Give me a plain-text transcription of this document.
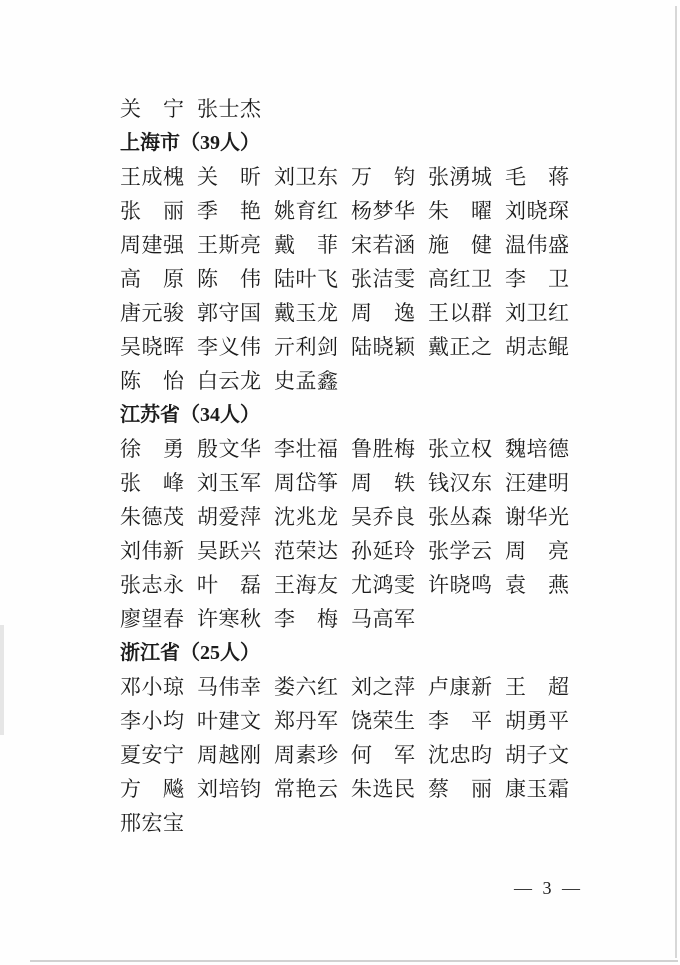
关宁 张士杰
上海市（39人）
王成槐 关昕 刘卫东 万钧 张湧城 毛蒋张丽 季艳 姚育红 杨梦华 朱曜 刘晓琛周建强 王斯亮 戴菲 宋若涵 施健 温伟盛高原 陈伟 陆叶飞 张洁雯 高红卫 李卫唐元骏 郭守国 戴玉龙 周逸 王以群 刘卫红吴晓晖 李义伟 亓利剑 陆晓颖 戴正之 胡志鲲陈怡 白云龙 史孟鑫
江苏省（34人）
徐勇 殷文华 李壮福 鲁胜梅 张立权 魏培德张峰 刘玉军 周岱筝 周轶 钱汉东 汪建明朱德茂 胡爱萍 沈兆龙 吴乔良 张丛森 谢华光刘伟新 吴跃兴 范荣达 孙延玲 张学云 周亮张志永 叶磊 王海友 尤鸿雯 许晓鸣 袁燕廖望春 许寒秋 李梅 马高军
浙江省（25人）
邓小琼 马伟幸 娄六红 刘之萍 卢康新 王超李小均 叶建文 郑丹军 饶荣生 李平 胡勇平夏安宁 周越刚 周素珍 何军 沈忠昀 胡子文方飚 刘培钧 常艳云 朱选民 蔡丽 康玉霜邢宏宝
— 3 —
